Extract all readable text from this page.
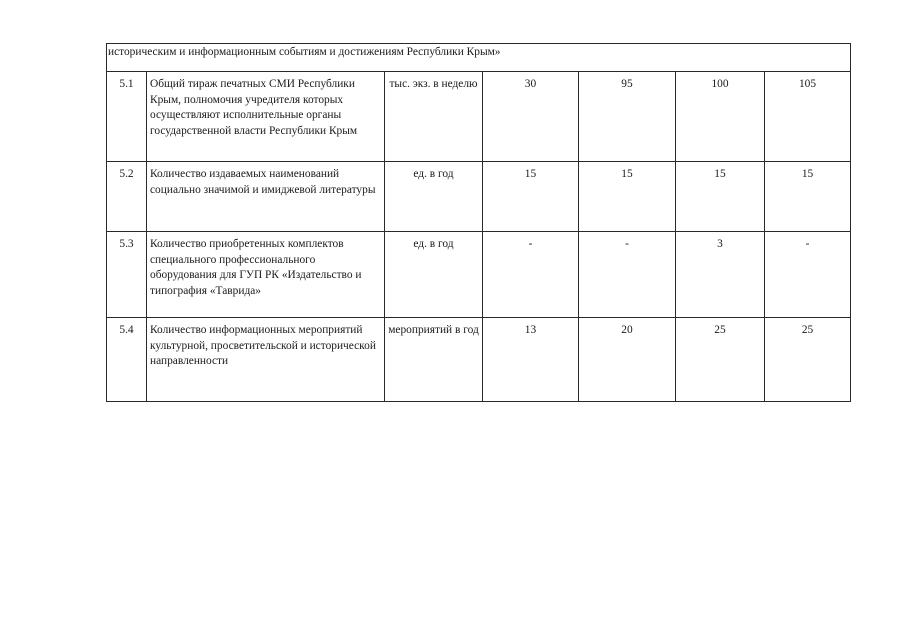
историческим и информационным событиям и достижениям Республики Крым»						
5.1	Общий тираж печатных СМИ Республики Крым, полномочия учредителя которых осуществляют исполнительные органы государственной власти Республики Крым	тыс. экз. в неделю	30	95	100	105
5.2	Количество издаваемых наименований социально значимой и имиджевой литературы	ед. в год	15	15	15	15
5.3	Количество приобретенных комплектов специального профессионального оборудования для ГУП РК «Издательство и типография «Таврида»	ед. в год	-	-	3	-
5.4	Количество информационных мероприятий культурной, просветительской и исторической направленности	мероприятий в год	13	20	25	25
